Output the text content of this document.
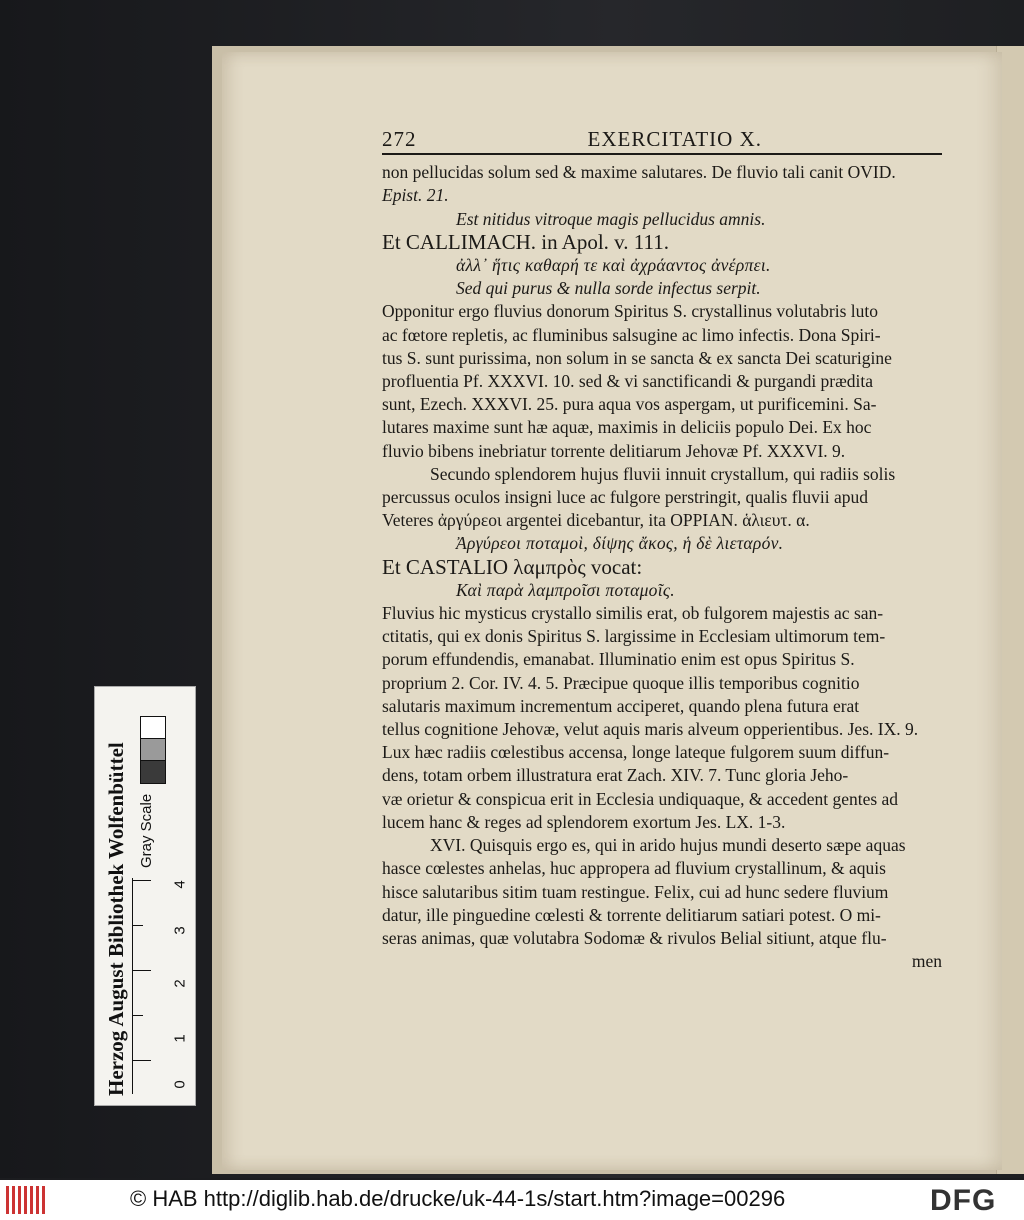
272	EXERCITATIO X.
non pellucidas solum sed & maxime salutares. De fluvio tali canit OVID.
Epist. 21.
Est nitidus vitroque magis pellucidus amnis.
Et CALLIMACH. in Apol. v. 111.
ἀλλ᾽ ἥτις καθαρή τε καὶ ἀχράαντος ἀνέρπει.
Sed qui purus & nulla sorde infectus serpit.
Opponitur ergo fluvius donorum Spiritus S. crystallinus volutabris luto
ac fœtore repletis, ac fluminibus salsugine ac limo infectis. Dona Spiri-
tus S. sunt purissima, non solum in se sancta & ex sancta Dei scaturigine
profluentia Pf. XXXVI. 10. sed & vi sanctificandi & purgandi prædita
sunt, Ezech. XXXVI. 25. pura aqua vos aspergam, ut purificemini. Sa-
lutares maxime sunt hæ aquæ, maximis in deliciis populo Dei. Ex hoc
fluvio bibens inebriatur torrente delitiarum Jehovæ Pf. XXXVI. 9.
Secundo splendorem hujus fluvii innuit crystallum, qui radiis solis
percussus oculos insigni luce ac fulgore perstringit, qualis fluvii apud
Veteres ἀργύρεοι argentei dicebantur, ita OPPIAN. ἁλιευτ. α.
Ἀργύρεοι ποταμοὶ, δίψης ἄκος, ἡ δὲ λιεταρόν.
Et CASTALIO λαμπρὸς vocat:
Καὶ παρὰ λαμπροῖσι ποταμοῖς.
Fluvius hic mysticus crystallo similis erat, ob fulgorem majestis ac san-
ctitatis, qui ex donis Spiritus S. largissime in Ecclesiam ultimorum tem-
porum effundendis, emanabat. Illuminatio enim est opus Spiritus S.
proprium 2. Cor. IV. 4. 5. Præcipue quoque illis temporibus cognitio
salutaris maximum incrementum acciperet, quando plena futura erat
tellus cognitione Jehovæ, velut aquis maris alveum opperientibus. Jes. IX. 9.
Lux hæc radiis cœlestibus accensa, longe lateque fulgorem suum diffun-
dens, totam orbem illustratura erat Zach. XIV. 7. Tunc gloria Jeho-
væ orietur & conspicua erit in Ecclesia undiquaque, & accedent gentes ad
lucem hanc & reges ad splendorem exortum Jes. LX. 1-3.
XVI. Quisquis ergo es, qui in arido hujus mundi deserto sæpe aquas
hasce cœlestes anhelas, huc appropera ad fluvium crystallinum, & aquis
hisce salutaribus sitim tuam restingue. Felix, cui ad hunc sedere fluvium
datur, ille pinguedine cœlesti & torrente delitiarum satiari potest. O mi-
seras animas, quæ volutabra Sodomæ & rivulos Belial sitiunt, atque flu-
men
Herzog August Bibliothek Wolfenbüttel Gray Scale
0
1
2
3
4
© HAB http://diglib.hab.de/drucke/uk-44-1s/start.htm?image=00296	DFG
